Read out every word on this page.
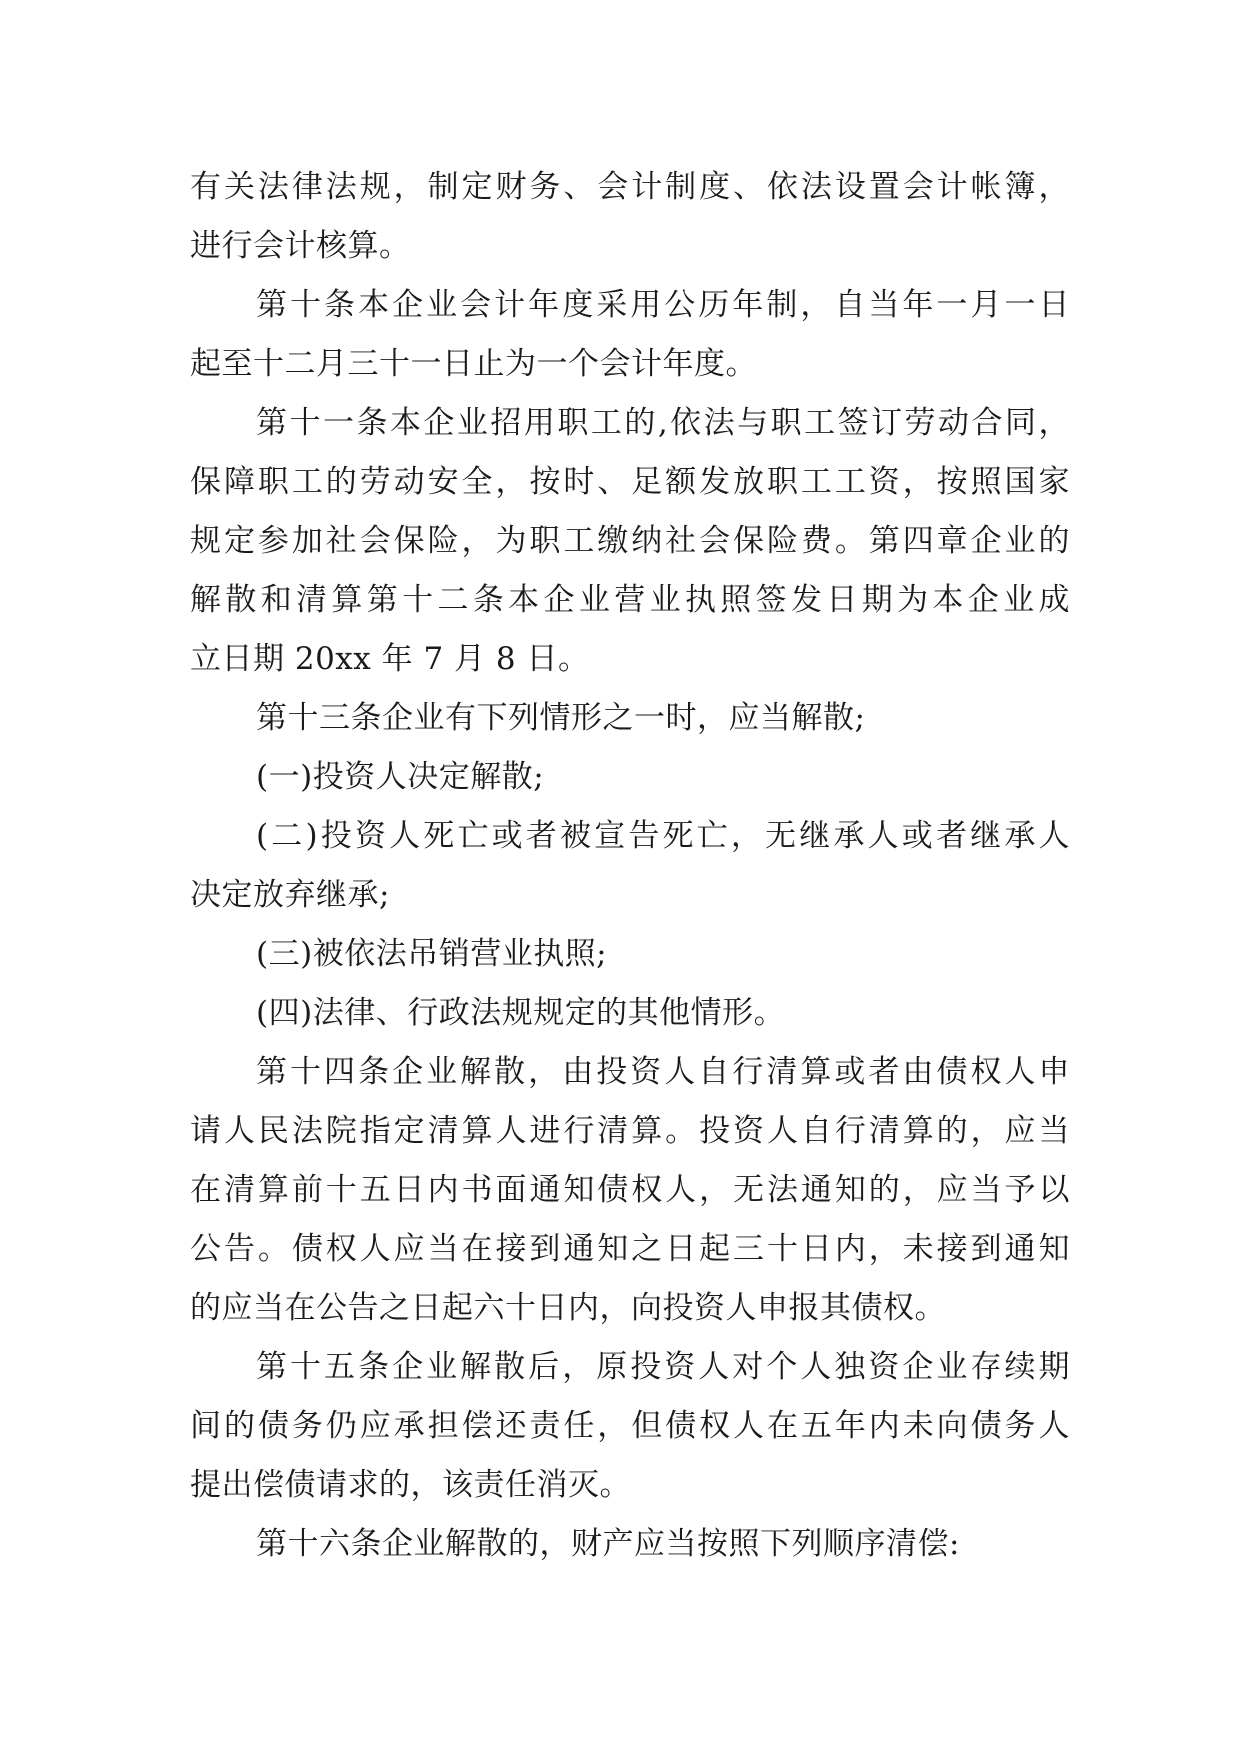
有关法律法规，制定财务、会计制度、依法设置会计帐簿，
进行会计核算。
第十条本企业会计年度采用公历年制，自当年一月一日
起至十二月三十一日止为一个会计年度。
第十一条本企业招用职工的,依法与职工签订劳动合同，
保障职工的劳动安全，按时、足额发放职工工资，按照国家
规定参加社会保险，为职工缴纳社会保险费。第四章企业的
解散和清算第十二条本企业营业执照签发日期为本企业成
立日期 20xx 年 7 月 8 日。
第十三条企业有下列情形之一时，应当解散;
(一)投资人决定解散;
(二)投资人死亡或者被宣告死亡，无继承人或者继承人
决定放弃继承;
(三)被依法吊销营业执照;
(四)法律、行政法规规定的其他情形。
第十四条企业解散，由投资人自行清算或者由债权人申
请人民法院指定清算人进行清算。投资人自行清算的，应当
在清算前十五日内书面通知债权人，无法通知的，应当予以
公告。债权人应当在接到通知之日起三十日内，未接到通知
的应当在公告之日起六十日内，向投资人申报其债权。
第十五条企业解散后，原投资人对个人独资企业存续期
间的债务仍应承担偿还责任，但债权人在五年内未向债务人
提出偿债请求的，该责任消灭。
第十六条企业解散的，财产应当按照下列顺序清偿:
